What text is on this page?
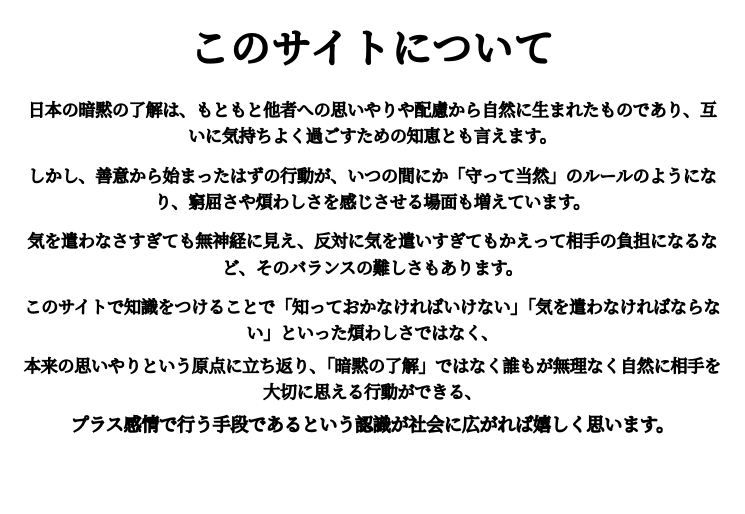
このサイトについて

日本の暗黙の了解は、もともと他者への思いやりや配慮から自然に生まれたものであり、互いに気持ちよく過ごすための知恵とも言えます。

しかし、善意から始まったはずの行動が、いつの間にか「守って当然」のルールのようになり、窮屈さや煩わしさを感じさせる場面も増えています。

気を遣わなさすぎても無神経に見え、反対に気を遣いすぎてもかえって相手の負担になるなど、そのバランスの難しさもあります。

このサイトで知識をつけることで「知っておかなければいけない」「気を遣わなければならない」といった煩わしさではなく、

本来の思いやりという原点に立ち返り、「暗黙の了解」ではなく誰もが無理なく自然に相手を大切に思える行動ができる、

プラス感情で行う手段であるという認識が社会に広がれば嬉しく思います。
